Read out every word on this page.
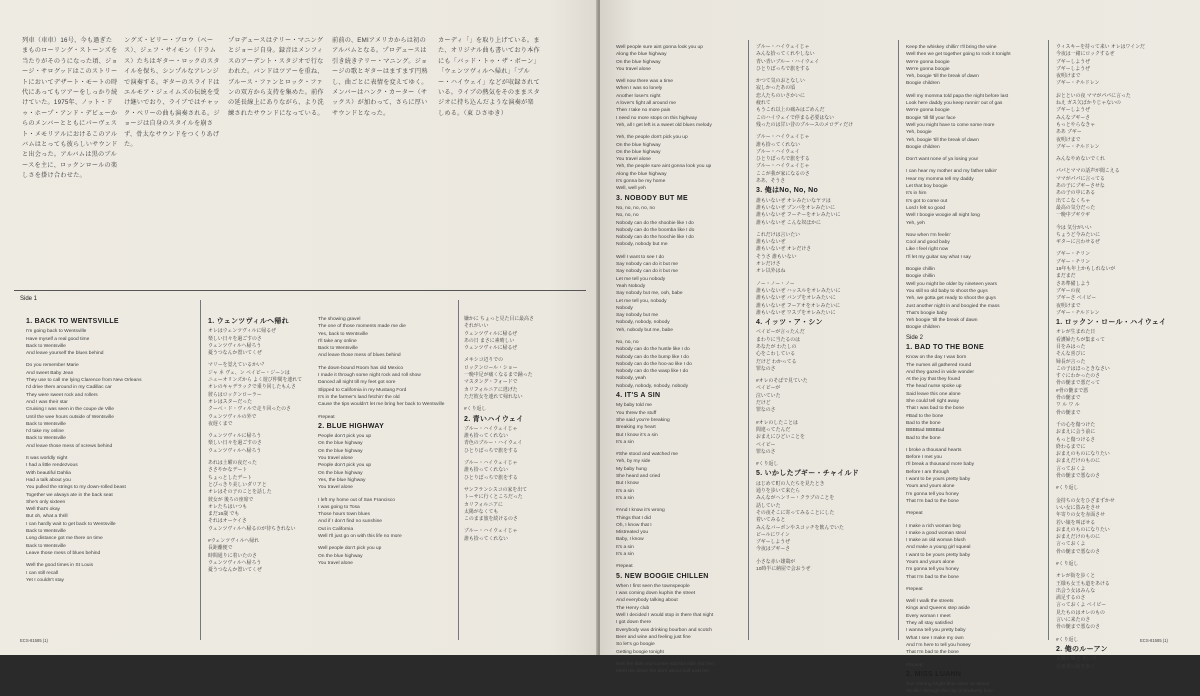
列車（車車）16号、今も過ぎたまものローリング・ストーンズを当たりがそのうになった頃、ジョージ・サログッドはこのストリートにおいてデザート・モートの時代にあってもツアーをしっかり続けていた。1975年、ノット・ドゥ・ホープ・アンド・デビューからのメンバーとともにパーヴェスト・メモリアルにおけるこのアルバムはとっても彼らしいサウンドと出会った。アルバムは黒のブルースを主に、ロックンロールの楽しさを掛け合わせた。

ングズ・ビリー・ブロウ（ベース）、ジェフ・サイモン（ドラムス）たちはギター・ロックのスタイルを保ち、シンプルなアレンジで演奏する。ギターのスライドはエルモア・ジェイムズの伝統を受け継いでおり、ライブではチャック・ベリーの曲も演奏される。ジョージは自身のスタイルを崩さず、骨太なサウンドをつくりあげた。

プロデュースはテリー・マニングとジョージ自身。録音はメンフィスのアーデント・スタジオで行なわれた。バンドはツアーを重ね、ブルース・ファンとロック・ファンの双方から支持を集めた。前作の延長線上にありながら、より洗練されたサウンドになっている。

前前の、EMIアメリカからは初のアルバムとなる。プロデュースは引き続きテリー・マニング。ジョージの歌とギターはますます円熟し、曲ごとに表情を変えてゆく。メンバーはハンク・カーター（サックス）が加わって、さらに厚いサウンドとなった。

カーディ「」を取り上げている。また、オリジナル曲も書いており本作にも「バッド・トゥ・ザ・ボーン」「ウェンツヴィルへ帰れ」「ブルー・ハイウェイ」などが収録されている。ライブの熱気をそのままスタジオに持ち込んだような演奏が楽しめる。（東 ひさゆき）

Side 1
1. BACK TO WENTSVILLE
I'm going back to Wentsville
Have myself a real good time
Back to Wentsville
And leave yourself the blues behind
Do you remember Marie
And sweet Baby Jean
They use to call me lying Clarence from New Orleans
I'd drive them around in my Cadillac car
They were sweet rock and rollers
And I was their star
Cruising I was seen in the coupe de Ville
Until the wee hours outside of Wentsville
Back to Wentsville
I'd take my online
Back to Wentsville
And leave those mess of screws behind
It was worldly night
I had a little rendezvous
With beautiful Dahlia
Had a talk about you
You pulled the strings to my down-rolled beast
Together we always ate in the back seat
She's only sixteen
Well that's okay
But oh, what a thrill
I can hardly wait to get back to Wentsville
Back to Wentsville
Long distance got me there on time
Back to Wentsville
Leave those mess of blues behind
Well the good times in St Louis
I can still recall
Yet I couldn't stay
1. ウェンツヴィルへ帰れ
オレはウェンツヴィルに帰るぜ
楽しい日々を過ごすのさ
ウェンツヴィルへ帰ろう
憂うつなんか置いてくぜ
マリーを覚えているかい？
ジャ ネ ヴェ、ン ベイビー・ジーンは
ニューオリンズから よく遊び仲間を連れて
オレのキャデラックで乗り回したもんさ
彼らはロックンローラー
オレはスターだった
クーペ・ド・ヴィルで走り回ったのさ
ウェンツヴィルの外で
夜遅くまで
ウェンツヴィルに帰ろう
楽しい日々を過ごすのさ
ウェンツヴィルへ帰ろう
あれは土曜の夜だった
ささやかなデート
ちょっとしたデート
とびっきり美しいダリアと
オレはその子のことを話した
彼女が 後ろの座席で
オレたちはいつも
まだ16歳 でも
それはオーケイさ
ウェンツヴィルへ帰るのが待ちきれない
#ウェンツヴィルへ帰れ
長距離便で
時間通りに着いたのさ
ウェンツヴィルへ帰ろう
憂うつなんか置いてくぜ
The showing gravel
The one of those moments made me die
Yes, back to Wentsville
I'll take any online
Back to Wentsville
And leave those mess of blues behind
The down-bound Room has old Mexico
I made it through some night rock and roll show
Danced all night till my feet got sore
Slipped to California in my Mustang Ford
It's in the farmer's land fetchin' the old
Cause the tips wouldn't let me bring her back to Wentsville
#repeat
2. BLUE HIGHWAY
People don't pick you up
On the blue highway
On the blue highway
You travel alone
People don't pick you up
On the blue highway
Yes, the blue highway
You travel alone
I left my home out of San Francisco
I was going to Tosa
Those hours town blues
And if I don't find no sunshine
Out in California
Well I'll just go on with this life no more
Well people don't pick you up
On the blue highway
You travel alone
嫌かに ちょっと見た目に最高さ
それがいい
ウェンツヴィルに帰るぜ
あの日 まさに素晴しい
ウェンツヴィルに帰るぜ
メキシコ辺りでの
ロックンロール・ショー
一晩中足が痛くなるまで踊った
マスタング・フォードで
カリフォルニアに逃げた
ただ彼女を連れて帰れない
#くり返し
2. 青いハイウェイ
ブルー・ハイウェイじゃ
誰も拾ってくれない
青色のブルー・ハイウェイ
ひとりぼっちで旅をする
ブルー・ハイウェイじゃ
誰も拾ってくれない
ひとりぼっちで旅をする
サンフランシスコの家を出て
トーサに行くところだった
カリフォルニアに
太陽がなくても
このまま旅を続けるのさ
ブルー・ハイウェイじゃ
誰も拾ってくれない
ECS-81585 (1)
Well people sure aint gonna look you up
Along the blue highway
On the blue highway
You travel alone
Well now there was a time
When I was so lonely
Another loser's night
A lover's fight all around me
Then I take no more pain
I need no more stops on this highway
Yeh, all I get left is a sweet old blues melody
Yeh, the people don't pick you up
On the blue highway
On the blue highway
You travel alone
Yeh, the people sure aint gonna look you up
Along the blue highway
It's gonna be my home
Well, well yeh
3. NOBODY BUT ME
No, no, no, no, no
No, no, no
Nobody can do the shoobie like I do
Nobody can do the boomba like I do
Nobody can do the hoochie like I do
Nobody, nobody but me
Well I want to see I do
Say nobody can do it but me
Say nobody can do it but me
Let me tell you nobody
Yeah Nobody
Say nobody but me, ooh, babe
Let me tell you, nobody
Nobody
Say nobody but me
Nobody, nobody, nobody
Yeh, nobody but me, babe
No, no, no
Nobody can do the hustle like I do
Nobody can do the bump like I do
Nobody can do the hoo-ao like I do
Nobody can do the wasp like I do
Nobody, yeah
Nobody, nobody, nobody, nobody
4. IT'S A SIN
My baby told me
You threw the stuff
She said you're breaking
Breaking my heart
But I know it's a sin
It's a sin
#She stood and watched me
Yeh, by my side
My baby hung
She heard and cried
But I know
It's a sin
It's a sin
#And I know it's wrong
Things that I did
Oh, I know that I
Mistreated you
Baby, I know
It's a sin
It's a sin
#repeat
5. NEW BOOGIE CHILLEN
When I first seen the townspeople
I was coming down kuphin the street
And everybody talking about
The Henry club
Well I decided I would stop in there that night
I got down there
Everybody was drinking bourbon and scotch
Beer and wine and feeling just fine
So let's go boogie
Getting boogie tonight
Well the little red rooster told the little red hen
Meet me down the barn about half past ten
ブルー・ハイウェイじゃ
みんな拾ってくれやしない
青い青いブルー・ハイウェイ
ひとりぼっちで旅をする
かつて気のおとなしい
寂しかったあの頃
恋人たちのいさかいに
疲れて
もうこれ以上の痛みはごめんだ
このハイウェイで停まる必要はない
残ったのは甘い昔のブルースのメロディだけ
ブルー・ハイウェイじゃ
誰も拾ってくれない
ブルー・ハイウェイ
ひとりぼっちで旅をする
ブルー・ハイウェイじゃ
ここが我が家になるのさ
ああ、そうさ
3. 俺はNo, No, No
誰もいないぜ オレみたいなヤツは
誰もいないぜ ブンバをオレみたいに
誰もいないぜ フーチーをオレみたいに
誰もいないぜ こんな奴ほかに
これだけは言いたい
誰もいないぜ
誰もいないぜ オレだけさ
そうさ 誰もいない
オレだけさ
オレ以外はね
ノー・ノー・ノー
誰もいないぜ ハッスルをオレみたいに
誰もいないぜ バンプをオレみたいに
誰もいないぜ フーアオをオレみたいに
誰もいないぜ ワスプをオレみたいに
4. イッツ・ア・シン
ベイビーが言ったんだ
まわりに当たるのは
あなたが わたしの
心をこわしている
だけど わかってる
罪なのさ
#オレのそばで見ていた
ベイビーが
泣いていた
だけど
罪なのさ
#オレのしたことは
間違ってたんだ
おまえにひどいことを
ベイビー
罪なのさ
#くり返し
5. いかしたブギー・チャイルド
はじめて町の人たちを見たとき
通りを歩いて来たら
みんながヘンリー・クラブのことを
話していた
その夜そこに寄ってみることにした
着いてみると
みんなバーボンやスコッチを飲んでいた
ビールにワイン
ブギーしようぜ
今夜はブギーさ
小さな赤い雄鶏が
10時半に納屋で会おうぜ
Keep the whiskey chillin' I'll bring the wine
Well then we get together going to rock it tonight
We're gonna boogie
We're gonna boogie
Yeh, boogie 'till the break of dawn
Boogie children
Well my momma told papa the night before last
Look here daddy you keep runnin' out of gas
We're gonna boogie
Boogie 'till fill your face
Well you might have to come some more
Yeh, boogie
Yeh, boogie 'till the break of dawn
Boogie children
Don't want none of ya losing your
I can hear my mother and my father talkin'
Hear my momma tell my daddy
Let that boy boogie
It's in him
It's got to come out
Lord I felt so good
Well I boogie woogie all night long
Yeh, yeh
Now when I'm feelin'
Cool and good baby
Like I feel right now
I'll let my guitar say what I say
Boogie chillin
Boogie chillin
Well you might be older by nineteen years
You still so old baby to shoot the guys
Yeh, we gotta get ready to shoot the guys
Just another night in and boogied the mass
That's boogie baby
Yeh boogie 'till the break of dawn
Boogie children
Side 2
1. BAD TO THE BONE
Know on the day I was born
The nurses all gathered round
And they gazed in wide wonder
At the joy that they found
The head nurse spoke up
Said leave this one alone
She could tell right away
That I was bad to the bone
#Bad to the bone
Bad to the bone
BBBBad BBBBad
Bad to the bone
I broke a thousand hearts
Before I met you
I'll break a thousand more baby
Before I am through
I want to be yours pretty baby
Yours and yours alone
I'm gonna tell you honey
That I'm bad to the bone
#repeat
I make a rich woman beg
I make a good woman steal
I make an old woman blush
And make a young girl squeal
I want to be yours pretty baby
Yours and yours alone
I'm gonna tell you honey
That I'm bad to the bone
#repeat
Well I walk the streets
Kings and Queens step aside
Every woman I meet
They all stay satisfied
I wanna tell you pretty baby
What I see I make my own
And I'm here to tell you honey
That I'm bad to the bone
#repeat
2. MISS LUANN
Sun shining bright blue skies so above
Strollin' through the city of brotherly love
ウィスキーを持って来い オレはワインだ
今夜は一緒にロックするぜ
ブギーしようぜ
ブギーしようぜ
夜明けまで
ブギー・チルドレン
おとといの夜 ママがパパに言った
ねえ ガス欠ばかりじゃないの
ブギーしようぜ
みんなブギーさ
もっとやらなきゃ
ああ ブギー
夜明けまで
ブギー・チルドレン
みんなやめないでくれ
パパとママの話声が聞こえる
ママがパパに言ってる
あの子にブギーさせな
あの子の中にある
出てこなくちゃ
最高の気分だった
一晩中ブギウギ
今は 気分がいい
ちょうど今みたいに
ギターに言わせるぜ
ブギー・チリン
ブギー・チリン
19年も年上かもしれないが
まだまだ
さあ準備しよう
ブギーの夜
ブギーさ ベイビー
夜明けまで
ブギー・チルドレン
1. ロックン・ロール・ハイウェイ
オレが生まれた日
看護婦たちが集まって
目をみはった
そんな喜びに
婦長が言った
この子はほっときなさい
すぐにわかったのさ
骨の髄まで悪だって
#骨の髄まで悪
骨の髄まで
ワ ル ワ ル
骨の髄まで
千の心を傷つけた
おまえに会う前に
もっと傷つけるさ
終わるまでに
おまえのものになりたい
おまえだけのものに
言っておくよ
骨の髄まで悪なのさ
#くり返し
金持ちの女をひざまずかせ
いい女に盗みをさせ
年寄りの女を赤面させ
若い娘を叫ばせる
おまえのものになりたい
おまえだけのものに
言っておくよ
骨の髄まで悪なのさ
#くり返し
オレが街を歩くと
王様も女王も道をあける
出会う女はみんな
満足するのさ
言っておくよ ベイビー
見たものはオレのもの
言いに来たのさ
骨の髄まで悪なのさ
#くり返し
2. 俺のルーアン
太陽が輝き 青い空
兄弟愛の街を歩く
ECS-81585 (1)
